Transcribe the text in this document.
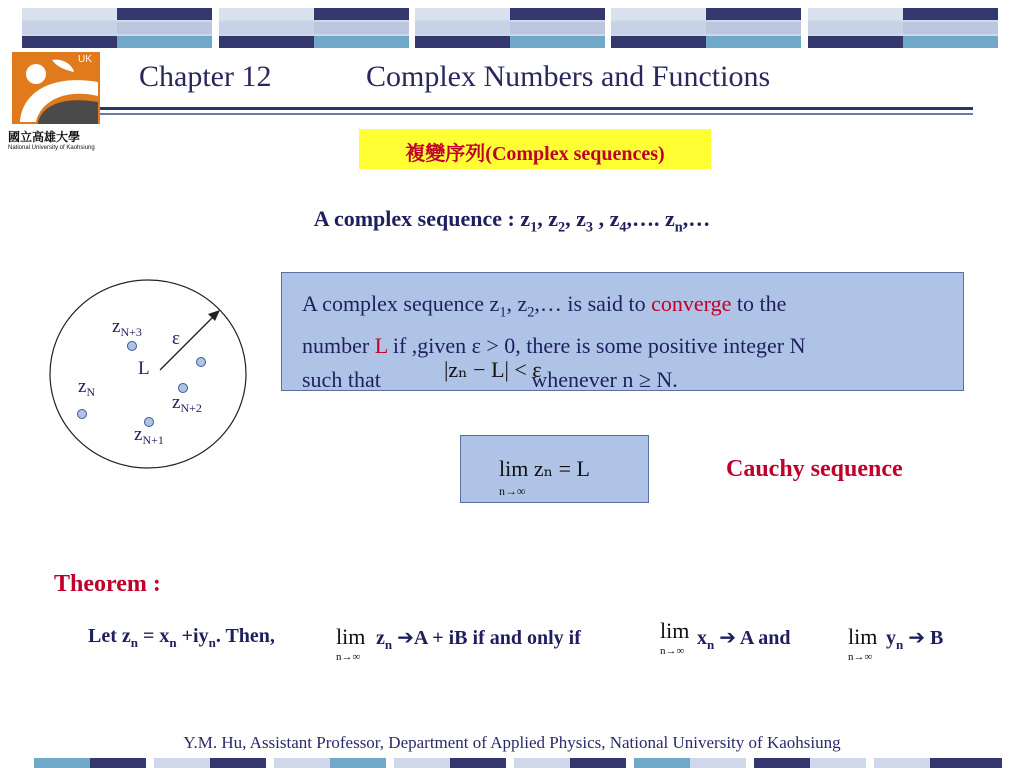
UK
國立高雄大學
National University of Kaohsiung
Chapter 12	Complex Numbers and Functions
複變序列(Complex sequences)
A complex sequence : $z_1$, $z_2$, $z_3$ , $z_4,\dots$. $z_n,\dots$
$z_{N+3}$ ε
L
$z_N$	$z_{N+2}$
$z_{N+1}$
A complex sequence $z_1$, $z_2,\dots$ is said to converge to the
number L if ,given ε > 0, there is some positive integer N
such that	whenever n ≥ N.
|zₙ − L| < ε
lim zₙ = L
n→∞
Cauchy sequence
Theorem :
Let $z_n = x_n +iy_n$. Then,	lim
n→∞
$z_n$ ➔A + iB if and only if	lim
n→∞
$x_n$ ➔ A and	lim
n→∞
$y_n$ ➔ B
Y.M. Hu, Assistant Professor, Department of Applied Physics, National University of Kaohsiung
